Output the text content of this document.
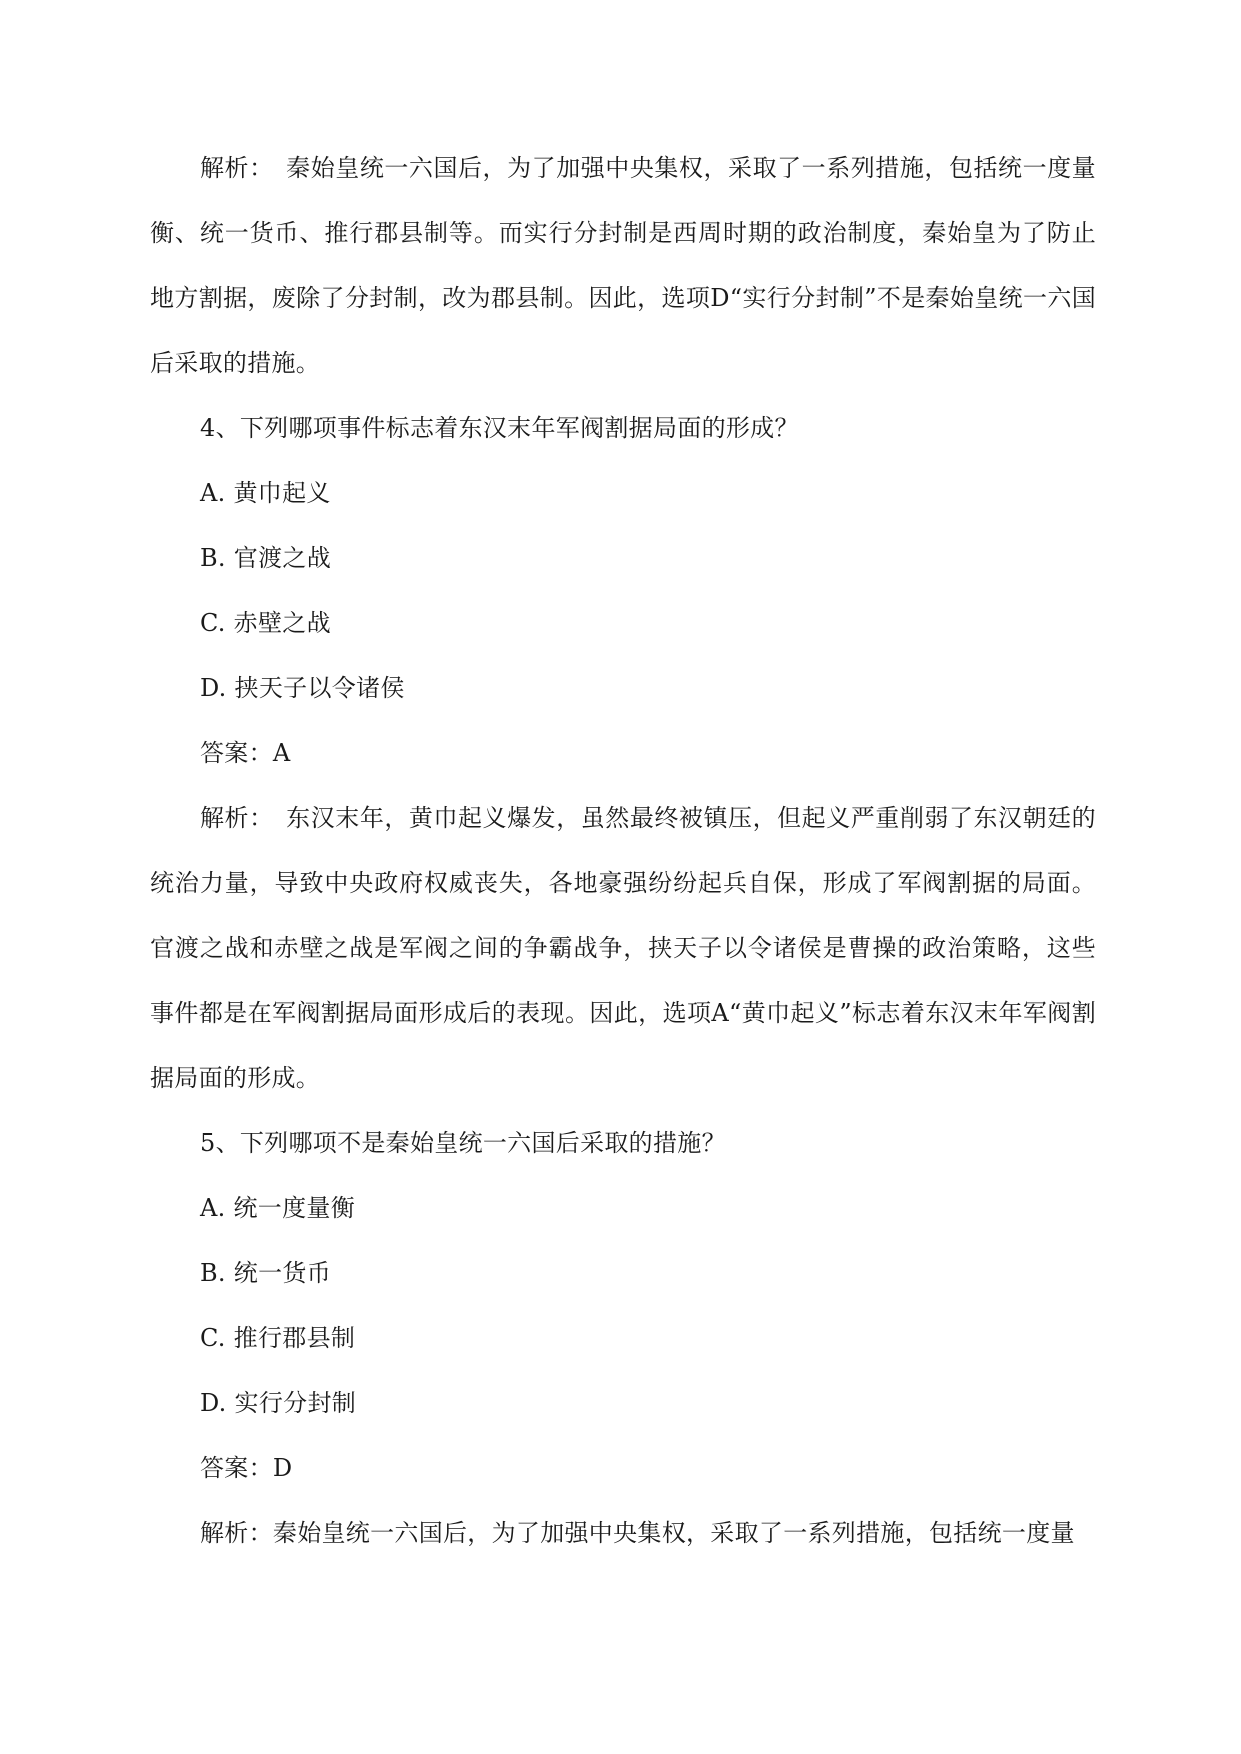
解析：　秦始皇统一六国后，为了加强中央集权，采取了一系列措施，包括统一度量衡、统一货币、推行郡县制等。而实行分封制是西周时期的政治制度，秦始皇为了防止地方割据，废除了分封制，改为郡县制。因此，选项D“实行分封制”不是秦始皇统一六国后采取的措施。

4、下列哪项事件标志着东汉末年军阀割据局面的形成？

A. 黄巾起义

B. 官渡之战

C. 赤壁之战

D. 挟天子以令诸侯

答案：A

解析：　东汉末年，黄巾起义爆发，虽然最终被镇压，但起义严重削弱了东汉朝廷的统治力量，导致中央政府权威丧失，各地豪强纷纷起兵自保，形成了军阀割据的局面。官渡之战和赤壁之战是军阀之间的争霸战争，挟天子以令诸侯是曹操的政治策略，这些事件都是在军阀割据局面形成后的表现。因此，选项A“黄巾起义”标志着东汉末年军阀割据局面的形成。

5、下列哪项不是秦始皇统一六国后采取的措施？

A. 统一度量衡

B. 统一货币

C. 推行郡县制

D. 实行分封制

答案：D

解析：秦始皇统一六国后，为了加强中央集权，采取了一系列措施，包括统一度量
